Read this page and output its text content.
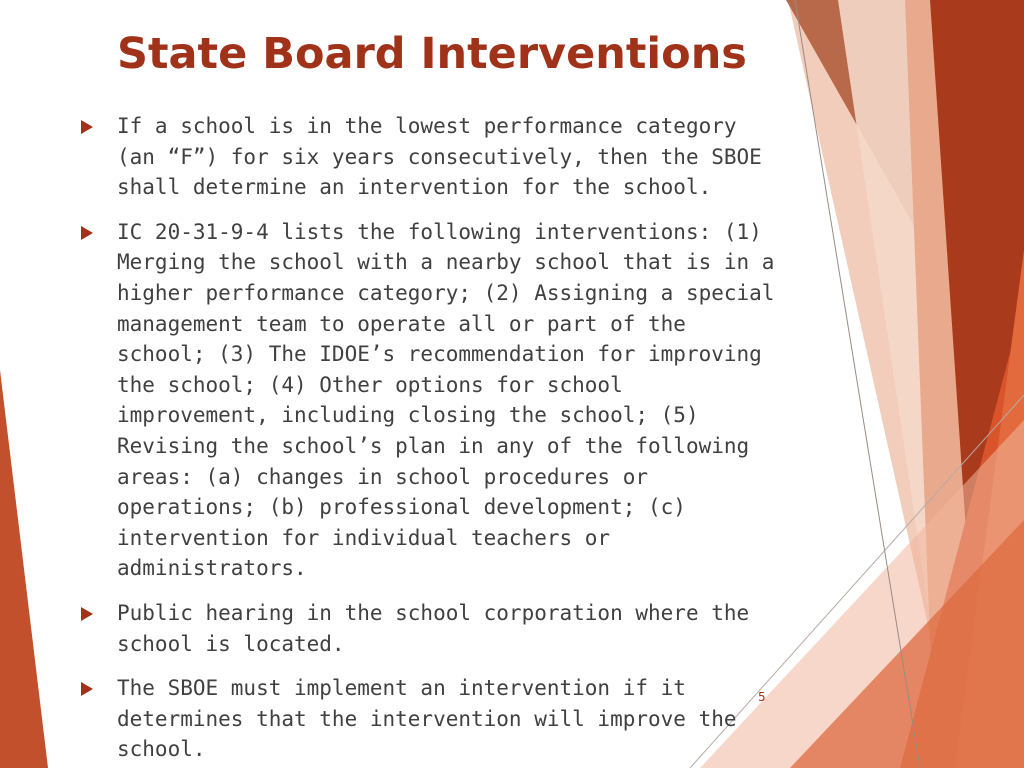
State Board Interventions
If a school is in the lowest performance category (an “F”) for six years consecutively, then the SBOE shall determine an intervention for the school.
IC 20-31-9-4 lists the following interventions: (1) Merging the school with a nearby school that is in a higher performance category; (2) Assigning a special management team to operate all or part of the school; (3) The IDOE’s recommendation for improving the school; (4) Other options for school improvement, including closing the school; (5) Revising the school’s plan in any of the following areas: (a) changes in school procedures or operations; (b) professional development; (c) intervention for individual teachers or administrators.
Public hearing in the school corporation where the school is located.
The SBOE must implement an intervention if it determines that the intervention will improve the school.
5
